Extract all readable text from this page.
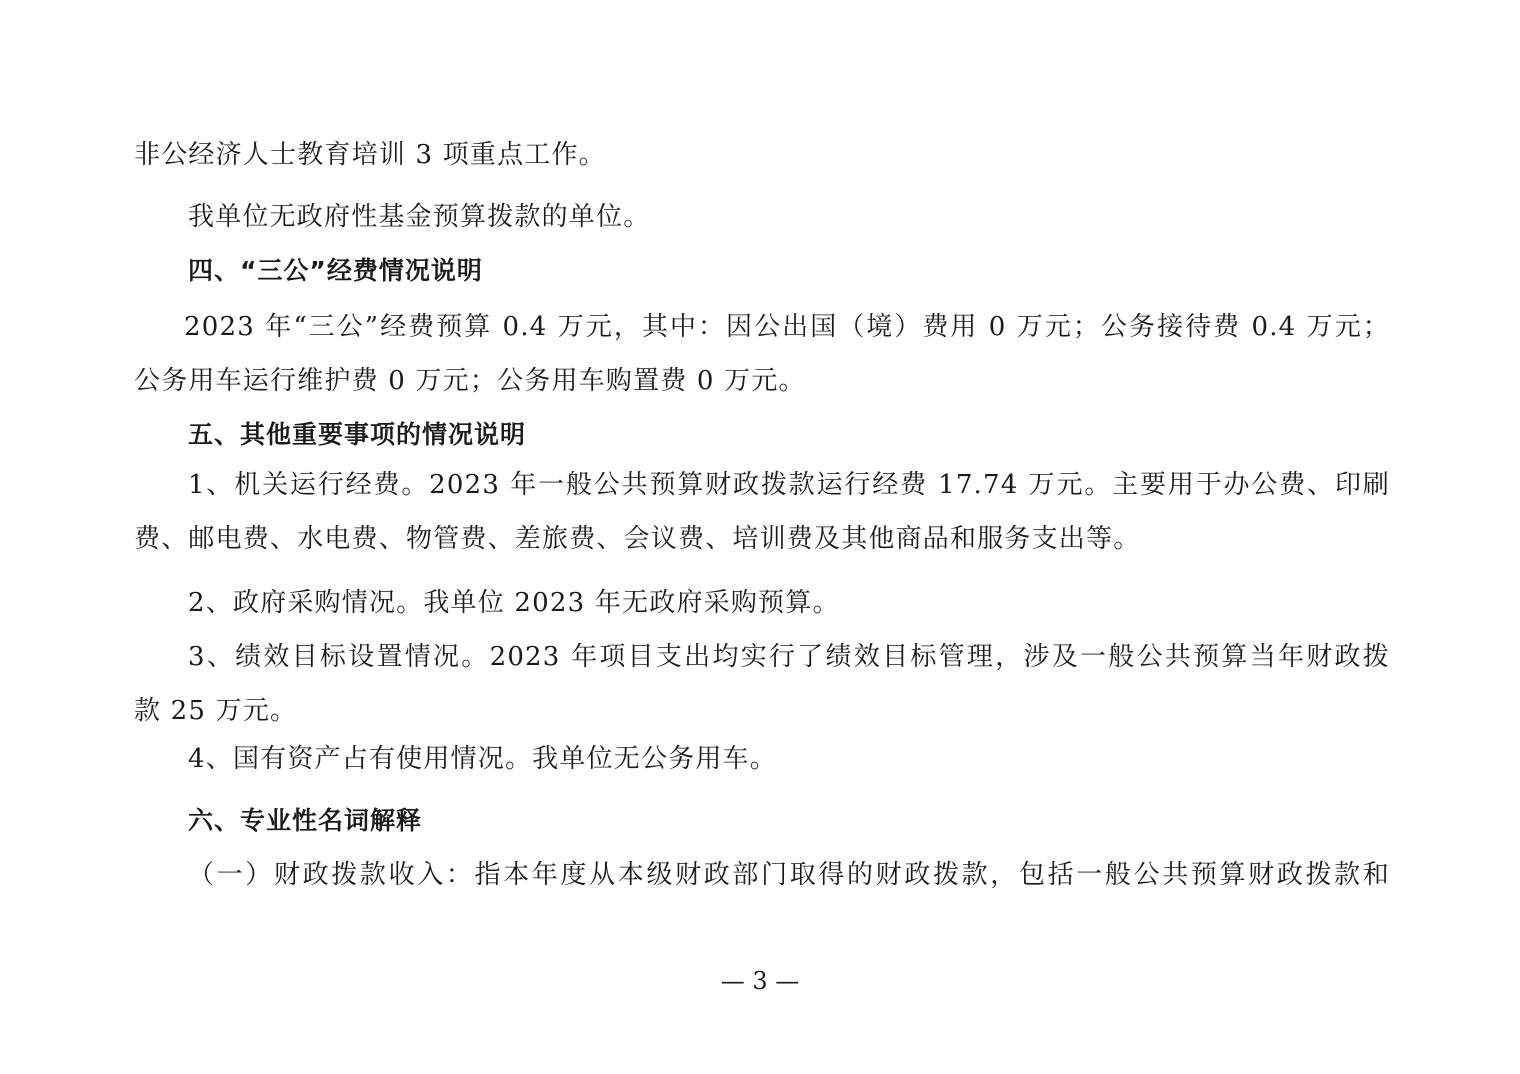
非公经济人士教育培训 3 项重点工作。
我单位无政府性基金预算拨款的单位。
四、“三公”经费情况说明
2023 年“三公”经费预算 0.4 万元，其中：因公出国（境）费用 0 万元；公务接待费 0.4 万元；
公务用车运行维护费 0 万元；公务用车购置费 0 万元。
五、其他重要事项的情况说明
1、机关运行经费。2023 年一般公共预算财政拨款运行经费 17.74 万元。主要用于办公费、印刷
费、邮电费、水电费、物管费、差旅费、会议费、培训费及其他商品和服务支出等。
2、政府采购情况。我单位 2023 年无政府采购预算。
3、绩效目标设置情况。2023 年项目支出均实行了绩效目标管理，涉及一般公共预算当年财政拨
款 25 万元。
4、国有资产占有使用情况。我单位无公务用车。
六、专业性名词解释
（一）财政拨款收入：指本年度从本级财政部门取得的财政拨款，包括一般公共预算财政拨款和
— 3 —
